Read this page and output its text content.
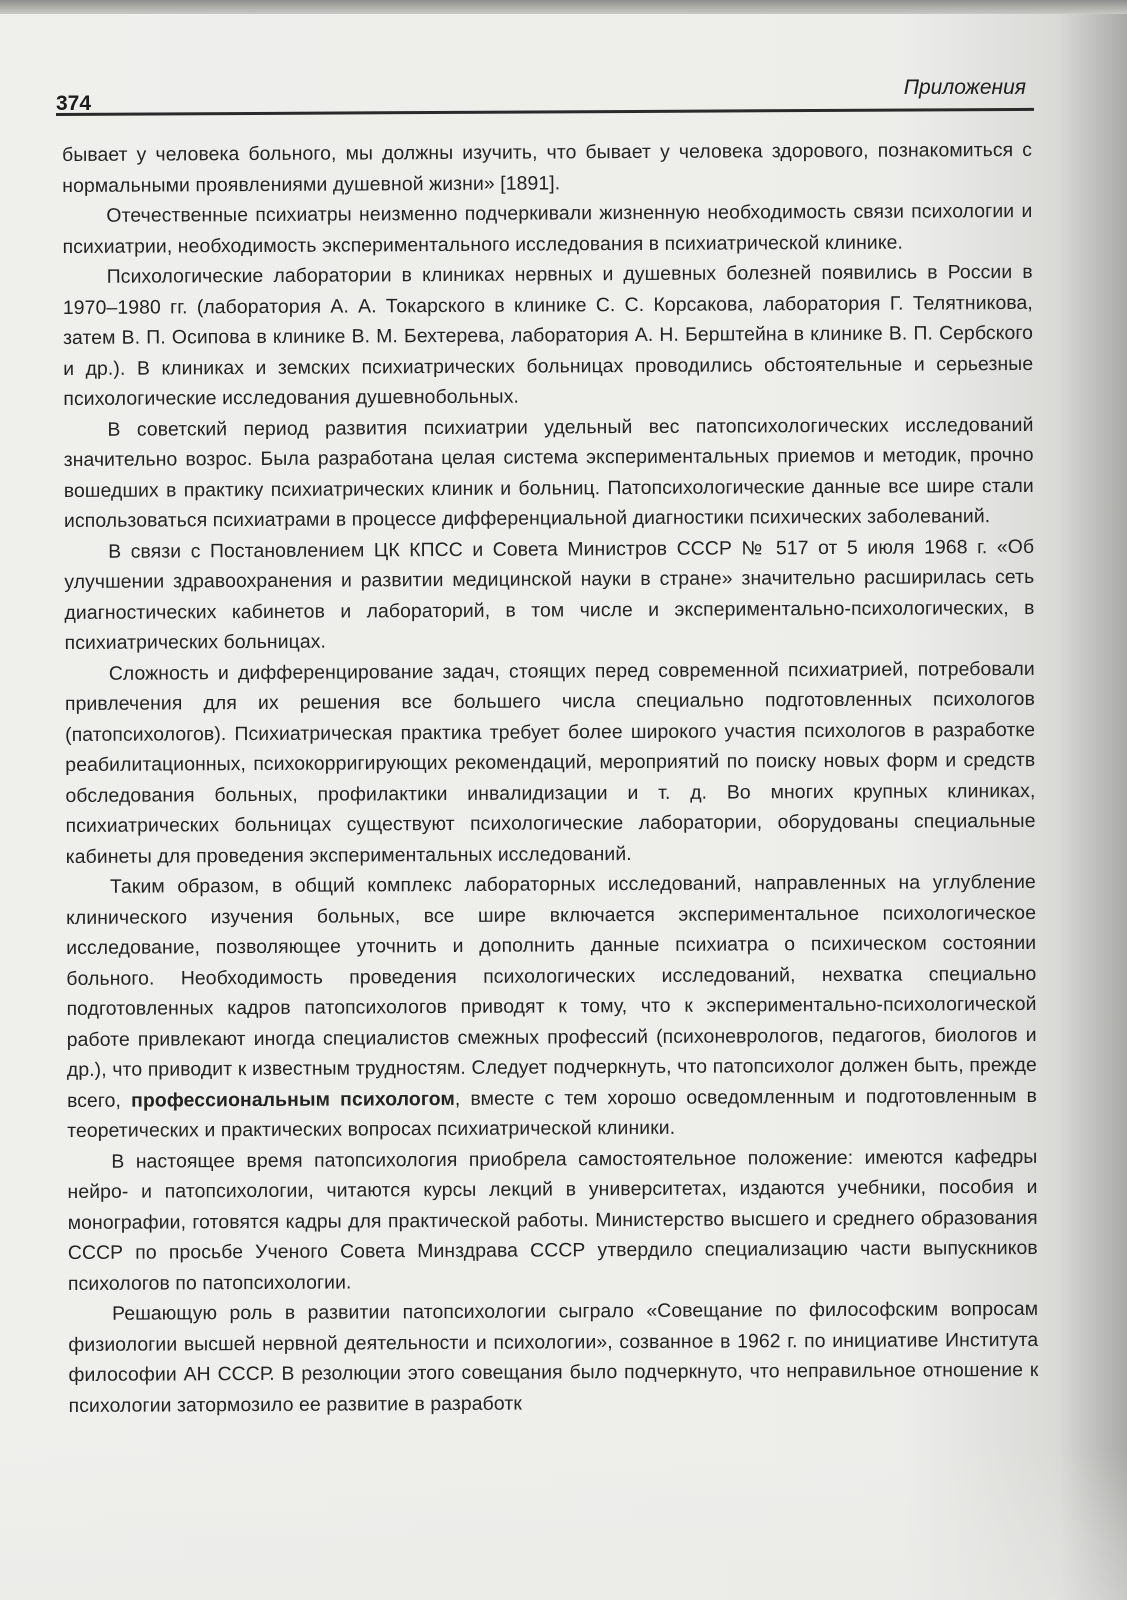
374
Приложения

бывает у человека больного, мы должны изучить, что бывает у человека здорового, познакомиться с нормальными проявлениями душевной жизни» [1891].

Отечественные психиатры неизменно подчеркивали жизненную необходимость связи психологии и психиатрии, необходимость экспериментального исследования в психиатрической клинике.

Психологические лаборатории в клиниках нервных и душевных болезней появились в России в 1970–1980 гг. (лаборатория А. А. Токарского в клинике С. С. Корсакова, лаборатория Г. Телятникова, затем В. П. Осипова в клинике В. М. Бехтерева, лаборатория А. Н. Берштейна в клинике В. П. Сербского и др.). В клиниках и земских психиатрических больницах проводились обстоятельные и серьезные психологические исследования душевнобольных.

В советский период развития психиатрии удельный вес патопсихологических исследований значительно возрос. Была разработана целая система экспериментальных приемов и методик, прочно вошедших в практику психиатрических клиник и больниц. Патопсихологические данные все шире стали использоваться психиатрами в процессе дифференциальной диагностики психических заболеваний.

В связи с Постановлением ЦК КПСС и Совета Министров СССР № 517 от 5 июля 1968 г. «Об улучшении здравоохранения и развитии медицинской науки в стране» значительно расширилась сеть диагностических кабинетов и лабораторий, в том числе и экспериментально-психологических, в психиатрических больницах.

Сложность и дифференцирование задач, стоящих перед современной психиатрией, потребовали привлечения для их решения все большего числа специально подготовленных психологов (патопсихологов). Психиатрическая практика требует более широкого участия психологов в разработке реабилитационных, психокорригирующих рекомендаций, мероприятий по поиску новых форм и средств обследования больных, профилактики инвалидизации и т. д. Во многих крупных клиниках, психиатрических больницах существуют психологические лаборатории, оборудованы специальные кабинеты для проведения экспериментальных исследований.

Таким образом, в общий комплекс лабораторных исследований, направленных на углубление клинического изучения больных, все шире включается экспериментальное психологическое исследование, позволяющее уточнить и дополнить данные психиатра о психическом состоянии больного. Необходимость проведения психологических исследований, нехватка специально подготовленных кадров патопсихологов приводят к тому, что к экспериментально-психологической работе привлекают иногда специалистов смежных профессий (психоневрологов, педагогов, биологов и др.), что приводит к известным трудностям. Следует подчеркнуть, что патопсихолог должен быть, прежде всего, профессиональным психологом, вместе с тем хорошо осведомленным и подготовленным в теоретических и практических вопросах психиатрической клиники.

В настоящее время патопсихология приобрела самостоятельное положение: имеются кафедры нейро- и патопсихологии, читаются курсы лекций в университетах, издаются учебники, пособия и монографии, готовятся кадры для практической работы. Министерство высшего и среднего образования СССР по просьбе Ученого Совета Минздрава СССР утвердило специализацию части выпускников психологов по патопсихологии.

Решающую роль в развитии патопсихологии сыграло «Совещание по философским вопросам физиологии высшей нервной деятельности и психологии», созванное в 1962 г. по инициативе Института философии АН СССР. В резолюции этого совещания было подчеркнуто, что неправильное отношение к психологии затормозило ее развитие в разработк
